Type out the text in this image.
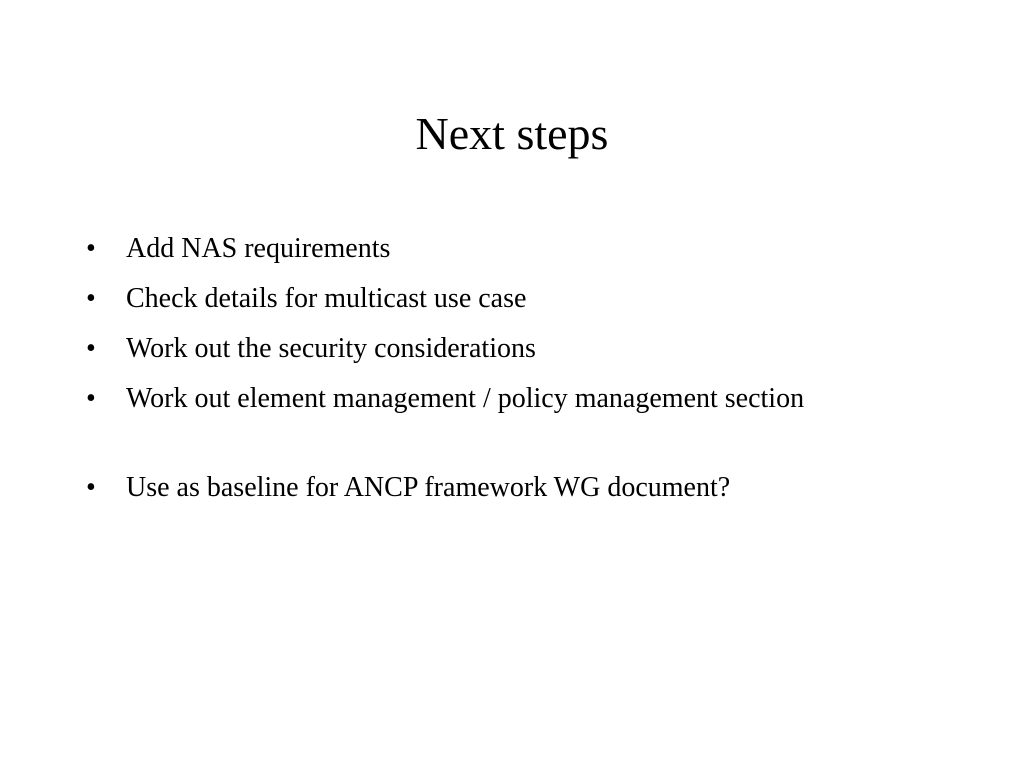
Next steps
•	Add NAS requirements
•	Check details for multicast use case
•	Work out the security considerations
•	Work out element management / policy management section
•	Use as baseline for ANCP framework WG document?
